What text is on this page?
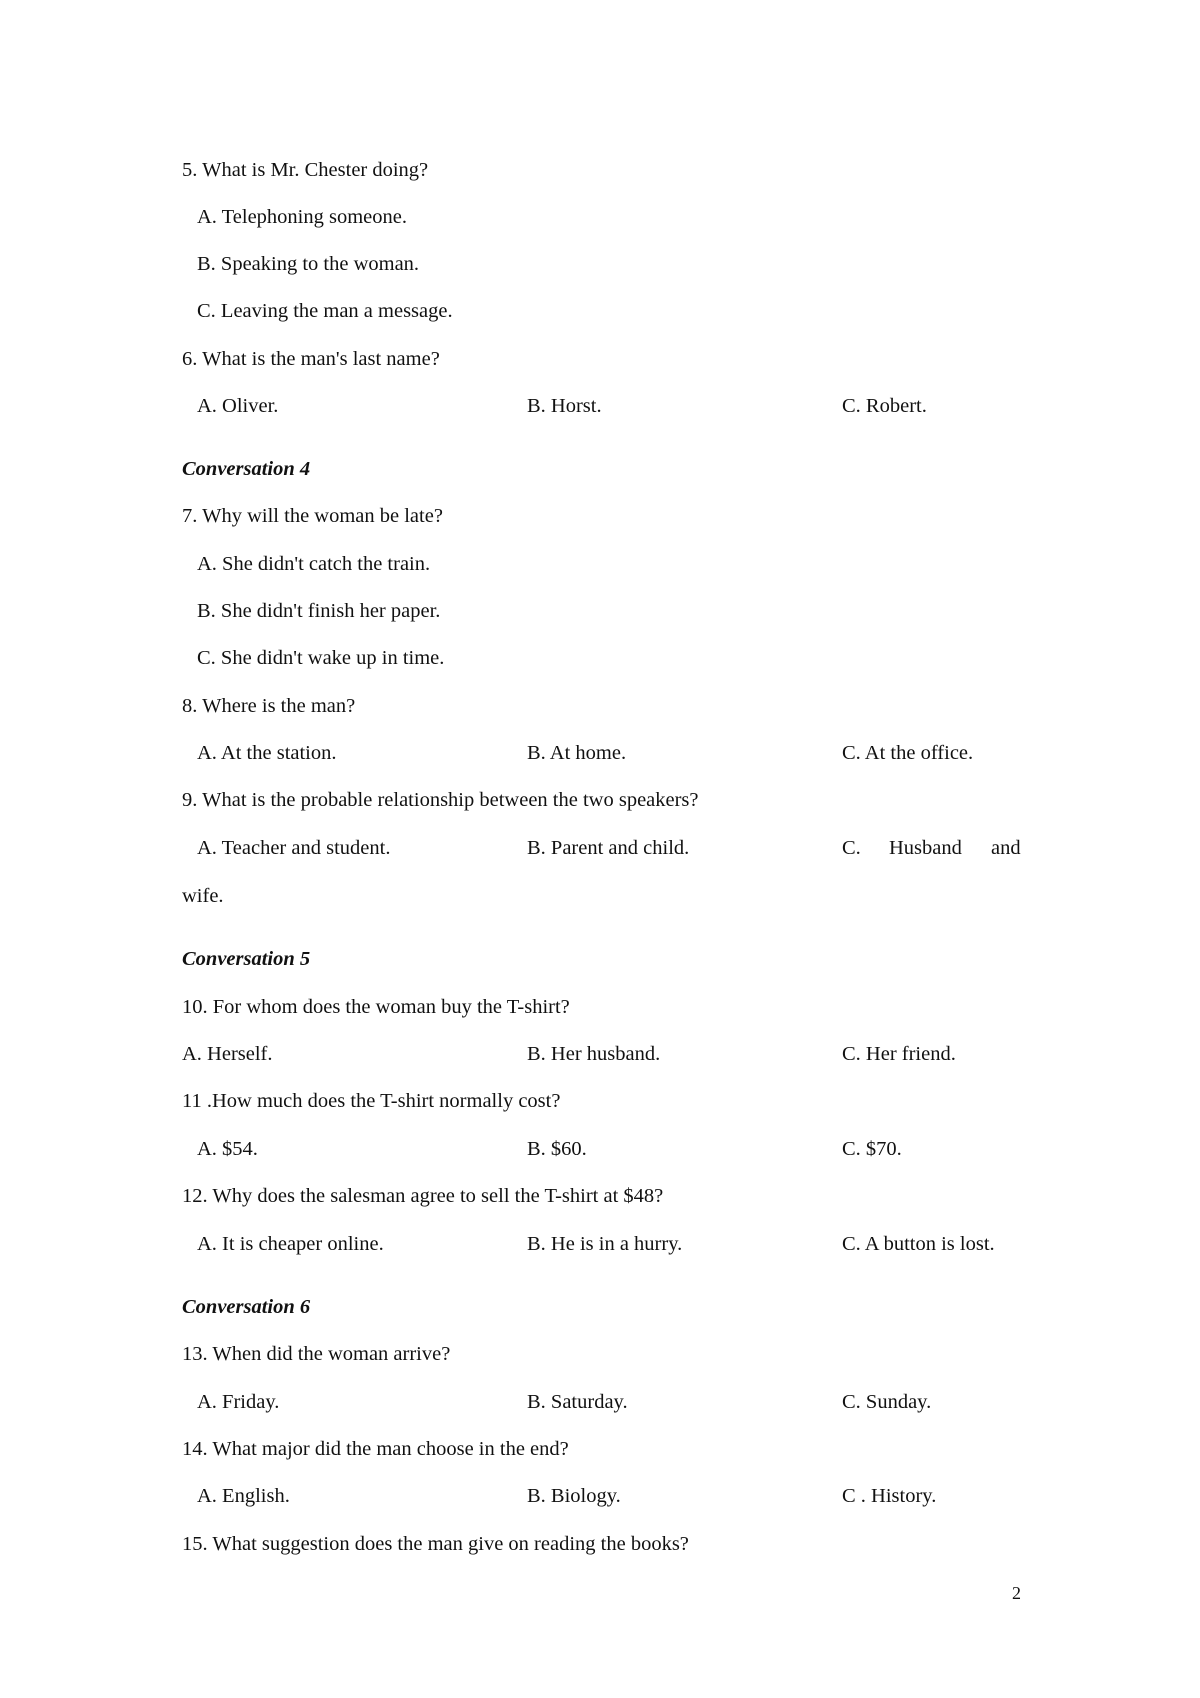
5. What is Mr. Chester doing?
A. Telephoning someone.
B. Speaking to the woman.
C. Leaving the man a message.
6. What is the man's last name?
A. Oliver.	B. Horst.	C. Robert.
Conversation 4
7. Why will the woman be late?
A. She didn't catch the train.
B. She didn't finish her paper.
C. She didn't wake up in time.
8. Where is the man?
A. At the station.	B. At home.	C. At the office.
9. What is the probable relationship between the two speakers?
A. Teacher and student.	B. Parent and child.	C. Husband and
wife.
Conversation 5
10. For whom does the woman buy the T-shirt?
A. Herself.	B. Her husband.	C. Her friend.
11 .How much does the T-shirt normally cost?
A. $54.	B. $60.	C. $70.
12. Why does the salesman agree to sell the T-shirt at $48?
A. It is cheaper online.	B. He is in a hurry.	C. A button is lost.
Conversation 6
13. When did the woman arrive?
A. Friday.	B. Saturday.	C. Sunday.
14. What major did the man choose in the end?
A. English.	B. Biology.	C . History.
15. What suggestion does the man give on reading the books?
2
